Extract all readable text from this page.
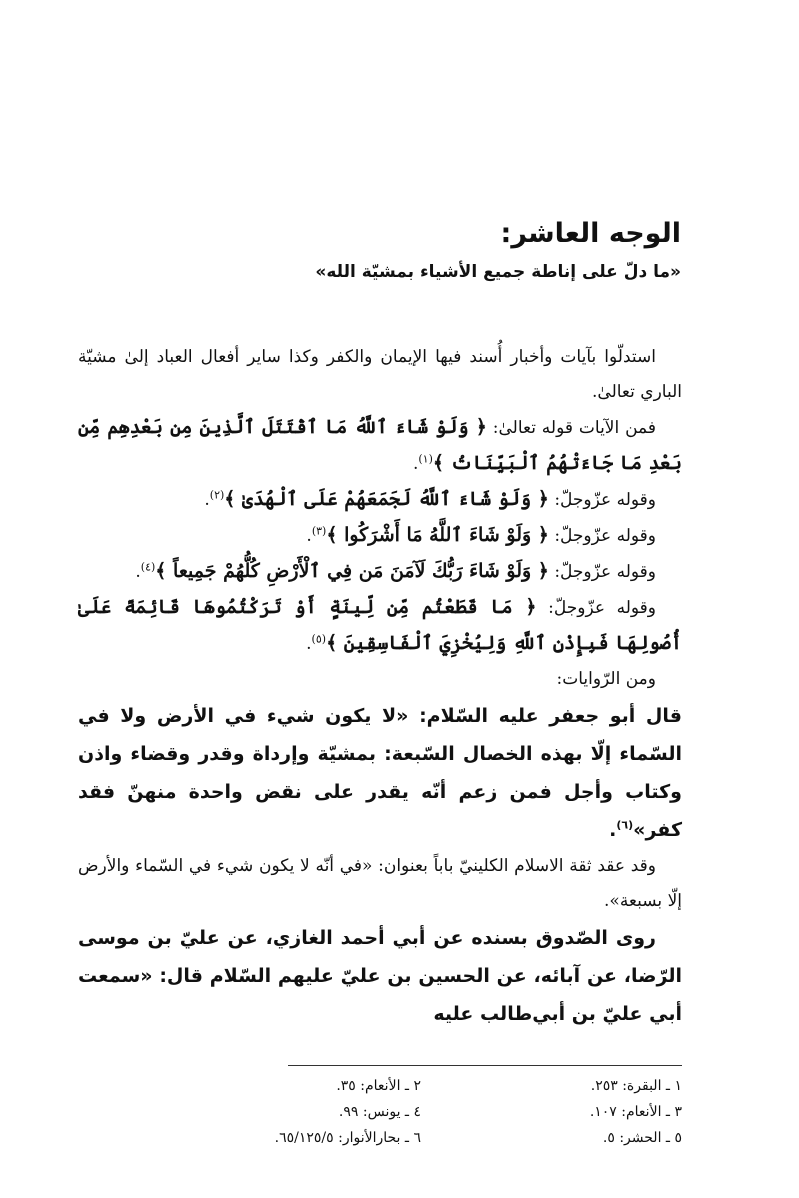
الوجه العاشر:
«ما دلّ على إناطة جميع الأشياء بمشيّة الله»

استدلّوا بآيات وأخبار أُسند فيها الإيمان والكفر وكذا ساير أفعال العباد إلىٰ مشيّة الباري تعالىٰ.

فمن الآيات قوله تعالىٰ: ﴿ وَلَوْ شَاءَ ٱللَّهُ مَا ٱقْتَتَلَ ٱلَّذِينَ مِن بَعْدِهِم مِّن بَعْدِ مَا جَاءَتْهُمُ ٱلْبَيِّنَاتُ ﴾$^{(١)}$.

وقوله عزّوجلّ: ﴿ وَلَوْ شَاءَ ٱللَّهُ لَجَمَعَهُمْ عَلَى ٱلْهُدَىٰ ﴾$^{(٢)}$.

وقوله عزّوجلّ: ﴿ وَلَوْ شَاءَ ٱللَّهُ مَا أَشْرَكُوا ﴾$^{(٣)}$.

وقوله عزّوجلّ: ﴿ وَلَوْ شَاءَ رَبُّكَ لَآمَنَ مَن فِي ٱلْأَرْضِ كُلُّهُمْ جَمِيعاً ﴾$^{(٤)}$.

وقوله عزّوجلّ: ﴿ مَا قَطَعْتُم مِّن لِّينَةٍ أَوْ تَرَكْتُمُوهَا قَائِمَةً عَلَىٰ أُصُولِهَا فَبِإِذْنِ ٱللَّهِ وَلِيُخْزِيَ ٱلْفَاسِقِينَ ﴾$^{(٥)}$.

ومن الرّوايات:

قال أبو جعفر عليه السّلام: «لا يكون شيء في الأرض ولا في السّماء إلّا بهذه الخصال السّبعة: بمشيّة وإرداة وقدر وقضاء واذن وكتاب وأجل فمن زعم أنّه يقدر على نقض واحدة منهنّ فقد كفر»$^{(٦)}$.

وقد عقد ثقة الاسلام الكلينيّ باباً بعنوان: «في أنّه لا يكون شيء في السّماء والأرض إلّا بسبعة».

روى الصّدوق بسنده عن أبي أحمد الغازي، عن عليّ بن موسى الرّضا، عن آبائه، عن الحسين بن عليّ عليهم السّلام قال: «سمعت أبي عليّ بن أبي‌طالب عليه

١ ـ البقرة: ٢٥٣.
٢ ـ الأنعام: ٣٥.
٣ ـ الأنعام: ١٠٧.
٤ ـ يونس: ٩٩.
٥ ـ الحشر: ٥.
٦ ـ بحارالأنوار: ٦٥/١٢٥/٥.
